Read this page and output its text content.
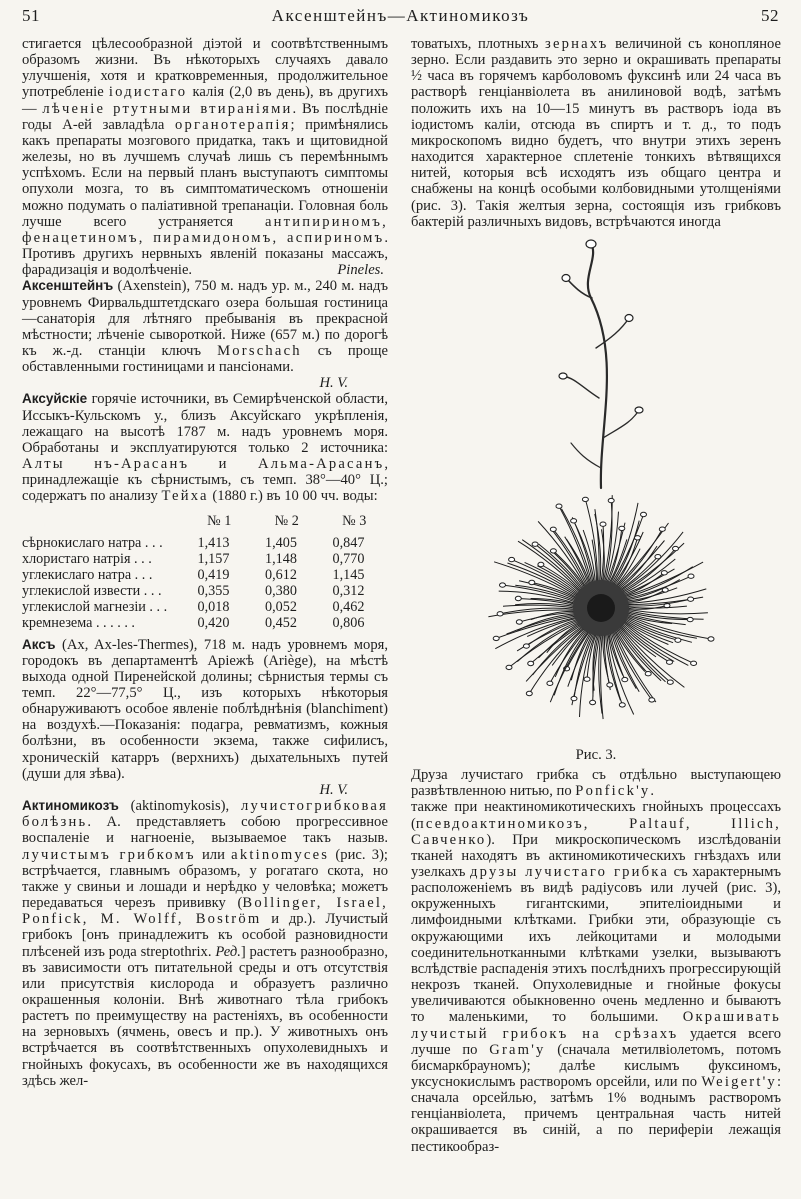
51	Аксенштейнъ—Актиномикозъ	52

стигается цѣлесообразной діэтой и соотвѣтственнымъ образомъ жизни. Въ нѣкоторыхъ случаяхъ давало улучшенія, хотя и кратковременныя, продолжительное употребленіе іодистаго калія (2,0 въ день), въ другихъ — лѣченіе ртутными втираніями. Въ послѣдніе годы А-ей завладѣла органотерапія; примѣнялись какъ препараты мозгового придатка, такъ и щитовидной железы, но въ лучшемъ случаѣ лишь съ перемѣннымъ успѣхомъ. Если на первый планъ выступаютъ симптомы опухоли мозга, то въ симптоматическомъ отношеніи можно подумать о паліативной трепанаціи. Головная боль лучше всего устраняется антипириномъ, фенацетиномъ, пирамидономъ, аспириномъ. Противъ другихъ нервныхъ явленій показаны массажъ, фарадизація и водолѣченіе.	Pineles.

Аксенштейнъ (Axenstein), 750 м. надъ ур. м., 240 м. надъ уровнемъ Фирвальдштетдскаго озера большая гостиница—санаторія для лѣтняго пребыванія въ прекрасной мѣстности; лѣченіе сывороткой. Ниже (657 м.) по дорогѣ къ ж.-д. станціи ключъ Morschach съ проще обставленными гостиницами и пансіонами.
H. V.

Аксуйскіе горячіе источники, въ Семирѣченской области, Иссыкъ-Кульскомъ у., близъ Аксуйскаго укрѣпленія, лежащаго на высотѣ 1787 м. надъ уровнемъ моря. Обработаны и эксплуатируются только 2 источника: Алты нъ-Арасанъ и Альма-Арасанъ, принадлежащіе къ сѣрнистымъ, съ темп. 38°—40° Ц.; содержатъ по анализу Тейха (1880 г.) въ 10 00 чч. воды:

	№ 1	№ 2	№ 3
сѣрнокислаго натра . . .	1,413	1,405	0,847
хлористаго натрія . . .	1,157	1,148	0,770
углекислаго натра . . .	0,419	0,612	1,145
углекислой извести . . .	0,355	0,380	0,312
углекислой магнезіи . . .	0,018	0,052	0,462
кремнезема . . . . . .	0,420	0,452	0,806

Аксъ (Ax, Ax-les-Thermes), 718 м. надъ уровнемъ моря, городокъ въ департаментѣ Аріежѣ (Ariège), на мѣстѣ выхода одной Пиренейской долины; сѣрнистыя термы съ темп. 22°—77,5° Ц., изъ которыхъ нѣкоторыя обнаруживаютъ особое явленіе поблѣднѣнія (blanchiment) на воздухѣ.—Показанія: подагра, ревматизмъ, кожныя болѣзни, въ особенности экзема, также сифилисъ, хроническій катарръ (верхнихъ) дыхательныхъ путей (души для зѣва).
H. V.

Актиномикозъ (aktinomykosis), лучистогрибковая болѣзнь. А. представляетъ собою прогрессивное воспаленіе и нагноеніе, вызываемое такъ назыв. лучистымъ грибкомъ или aktinomyces (рис. 3); встрѣчается, главнымъ образомъ, у рогатаго скота, но также у свиньи и лошади и нерѣдко у человѣка; можетъ передаваться черезъ прививку (Bollinger, Israel, Ponfick, M. Wolff, Boström и др.). Лучистый грибокъ [онъ принадлежитъ къ особой разновидности плѣсеней изъ рода streptothrix. Ред.] растетъ разнообразно, въ зависимости отъ питательной среды и отъ отсутствія или присутствія кислорода и образуетъ различно окрашенныя колоніи. Внѣ животнаго тѣла грибокъ растетъ по преимуществу на растеніяхъ, въ особенности на зерновыхъ (ячмень, овесъ и пр.). У животныхъ онъ встрѣчается въ соотвѣтственныхъ опухолевидныхъ и гнойныхъ фокусахъ, въ особенности же въ находящихся здѣсь жел-

товатыхъ, плотныхъ зернахъ величиной съ конопляное зерно. Если раздавить это зерно и окрашивать препараты ½ часа въ горячемъ карболовомъ фуксинѣ или 24 часа въ растворѣ генціанвіолета въ анилиновой водѣ, затѣмъ положить ихъ на 10—15 минутъ въ растворъ іода въ іодистомъ каліи, отсюда въ спиртъ и т. д., то подъ микроскопомъ видно будетъ, что внутри этихъ зеренъ находится характерное сплетеніе тонкихъ вѣтвящихся нитей, которыя всѣ исходятъ изъ общаго центра и снабжены на концѣ особыми колбовидными утолщеніями (рис. 3). Такія желтыя зерна, состоящія изъ грибковъ бактерій различныхъ видовъ, встрѣчаются иногда

Рис. 3.

Друза лучистаго грибка съ отдѣльно выступающею развѣтвленною нитью, по Ponfick'у.

также при неактиномикотическихъ гнойныхъ процессахъ (псевдоактиномикозъ, Paltauf, Illich, Савченко). При микроскопическомъ изслѣдованіи тканей находятъ въ актиномикотическихъ гнѣздахъ или узелкахъ друзы лучистаго грибка съ характернымъ расположеніемъ въ видѣ радіусовъ или лучей (рис. 3), окруженныхъ гигантскими, эпителіоидными и лимфоидными клѣтками. Грибки эти, образующіе съ окружающими ихъ лейкоцитами и молодыми соединительнотканными клѣтками узелки, вызываютъ вслѣдствіе распаденія этихъ послѣднихъ прогрессирующій некрозъ тканей. Опухолевидные и гнойные фокусы увеличиваются обыкновенно очень медленно и бываютъ то маленькими, то большими. Окрашивать лучистый грибокъ на срѣзахъ удается всего лучше по Gram'у (сначала метилвіолетомъ, потомъ бисмаркбрауномъ); далѣе кислымъ фуксиномъ, уксуснокислымъ растворомъ орсейли, или по Weigert'у: сначала орсейлью, затѣмъ 1% воднымъ растворомъ генціанвіолета, причемъ центральная часть нитей окрашивается въ синій, а по периферіи лежащія пестикообраз-
